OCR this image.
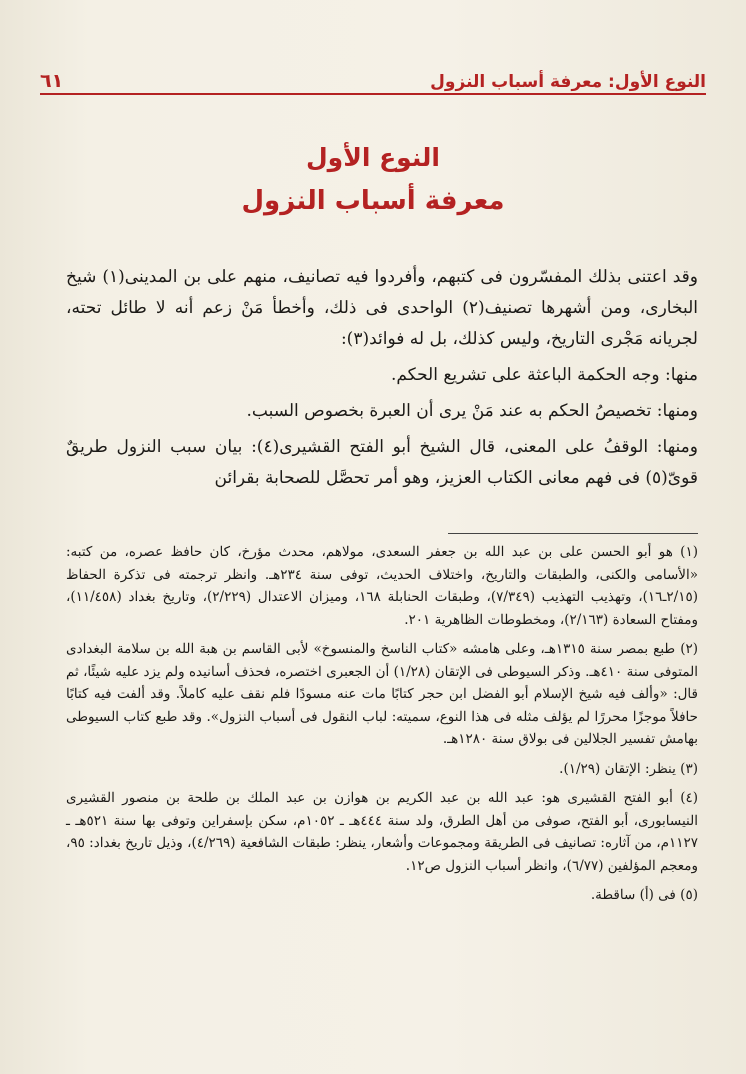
النوع الأول: معرفة أسباب النزول
٦١
النوع الأول
معرفة أسباب النزول

وقد اعتنى بذلك المفسّرون فى كتبهم، وأفردوا فيه تصانيف، منهم على بن المدينى(١) شيخ البخارى، ومن أشهرها تصنيف(٢) الواحدى فى ذلك، وأخطأ مَنْ زعم أنه لا طائل تحته، لجريانه مَجْرى التاريخ، وليس كذلك، بل له فوائد(٣):

منها: وجه الحكمة الباعثة على تشريع الحكم.

ومنها: تخصيصُ الحكم به عند مَنْ يرى أن العبرة بخصوص السبب.

ومنها: الوقفُ على المعنى، قال الشيخ أبو الفتح القشيرى(٤): بيان سبب النزول طريقٌ قوىّ(٥) فى فهم معانى الكتاب العزيز، وهو أمر تحصَّل للصحابة بقرائن

(١) هو أبو الحسن على بن عبد الله بن جعفر السعدى، مولاهم، محدث مؤرخ، كان حافظ عصره، من كتبه: «الأسامى والكنى، والطبقات والتاريخ، واختلاف الحديث، توفى سنة ٢٣٤هـ. وانظر ترجمته فى تذكرة الحفاظ (٢/١٥ـ١٦)، وتهذيب التهذيب (٧/٣٤٩)، وطبقات الحنابلة ١٦٨، وميزان الاعتدال (٢/٢٢٩)، وتاريخ بغداد (١١/٤٥٨)، ومفتاح السعادة (٢/١٦٣)، ومخطوطات الظاهرية ٢٠١.

(٢) طبع بمصر سنة ١٣١٥هـ، وعلى هامشه «كتاب الناسخ والمنسوخ» لأبى القاسم بن هبة الله بن سلامة البغدادى المتوفى سنة ٤١٠هـ. وذكر السيوطى فى الإتقان (١/٢٨) أن الجعبرى اختصره، فحذف أسانيده ولم يزد عليه شيئًا، ثم قال: «وألف فيه شيخ الإسلام أبو الفضل ابن حجر كتابًا مات عنه مسودًا فلم نقف عليه كاملاً. وقد ألفت فيه كتابًا حافلاً موجزًا محررًا لم يؤلف مثله فى هذا النوع، سميته: لباب النقول فى أسباب النزول». وقد طبع كتاب السيوطى بهامش تفسير الجلالين فى بولاق سنة ١٢٨٠هـ.

(٣) ينظر: الإتقان (١/٢٩).

(٤) أبو الفتح القشيرى هو: عبد الله بن عبد الكريم بن هوازن بن عبد الملك بن طلحة بن منصور القشيرى النيسابورى، أبو الفتح، صوفى من أهل الطرق، ولد سنة ٤٤٤هـ ـ ١٠٥٢م، سكن بإسفراين وتوفى بها سنة ٥٢١هـ ـ ١١٢٧م، من آثاره: تصانيف فى الطريقة ومجموعات وأشعار، ينظر: طبقات الشافعية (٤/٢٦٩)، وذيل تاريخ بغداد: ٩٥، ومعجم المؤلفين (٦/٧٧)، وانظر أسباب النزول ص١٢.

(٥) فى (أ) ساقطة.
